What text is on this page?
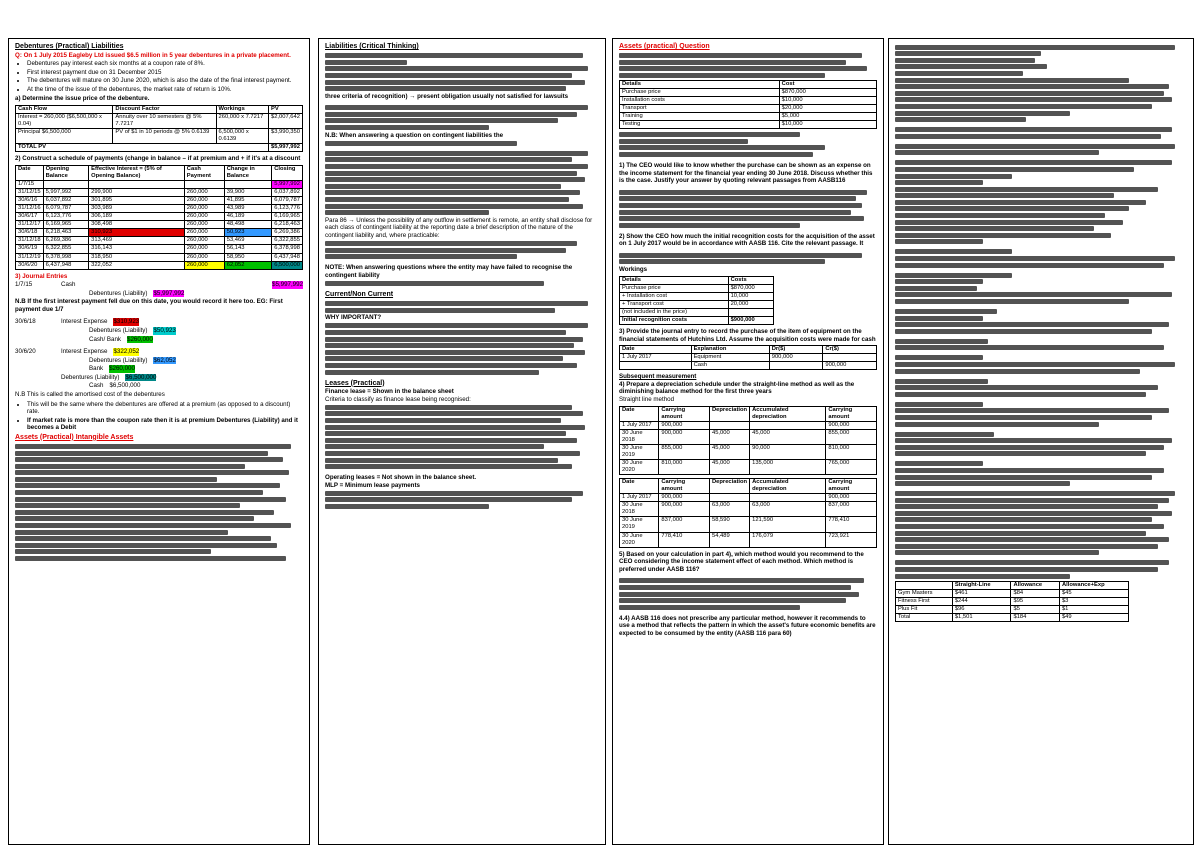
Debentures (Practical) Liabilities
Q: On 1 July 2015 Eagleby Ltd issued $6.5 million in 5 year debentures in a private placement.
• Debentures pay interest each six months at a coupon rate of 8%.
• First interest payment due on 31 December 2015
• The debentures will mature on 30 June 2020, which is also the date of the final interest payment.
• At the time of the issue of the debentures, the market rate of return is 10%.
a) Determine the issue price of the debenture.
Cash Flow	Discount Factor	Workings	PV
Interest = 260,000 ($6,500,000 x 0.04)	Annuity over 10 semesters @ 5% 7.7217	260,000 x 7.7217	$2,007,642
Principal $6,500,000	PV of $1 in 10 periods @ 5% 0.6139	6,500,000 x 0.6139	$3,990,350
TOTAL PV			$5,997,992
2) Construct a schedule of payments (change in balance – if at premium and + if it's at a discount
Date	Opening Balance	Effective Interest = (5% of Opening Balance)	Cash Payment	Change in Balance	Closing
1/7/15					5,997,992
31/12/15	5,997,992	299,900	260,000	39,900	6,037,892
30/6/16	6,037,892	301,895	260,000	41,895	6,079,787
31/12/16	6,079,787	303,989	260,000	43,989	6,123,776
30/6/17	6,123,776	306,189	260,000	46,189	6,169,965
31/12/17	6,169,965	308,498	260,000	48,498	6,218,463
30/6/18	6,218,463	310,923	260,000	50,923	6,269,386
31/12/18	6,269,386	313,469	260,000	53,469	6,322,855
30/6/19	6,322,855	316,143	260,000	56,143	6,378,998
31/12/19	6,378,998	318,950	260,000	58,950	6,437,948
30/6/20	6,437,948	322,052	260,000	62,052	6,500,000
3) Journal Entries
1/7/15	Cash	$5,997,992
Debentures (Liability) $5,997,992
N.B If the first interest payment fell due on this date, you would record it here too. EG: First payment due 1/7
30/6/18	Interest Expense $310,923
Debentures (Liability) $50,923
Cash/ Bank $260,000
30/6/20	Interest Expense $322,052
Debentures (Liability) $62,052
Bank $260,000
Debentures (Liability) $6,500,000
Cash $6,500,000

N.B This is called the amortised cost of the debentures

• This will be the same where the debentures are offered at a premium (as opposed to a discount) rate.
• If market rate is more than the coupon rate then it is at premium Debentures (Liability) and it becomes a Debit
Assets (Practical) Intangible Assets
Liabilities (Critical Thinking)
three criteria of recognition) → present obligation usually not satisfied for lawsuits
N.B: When answering a question on contingent liabilities the
Para 86 → Unless the possibility of any outflow in settlement is remote, an entity shall disclose for each class of contingent liability at the reporting date a brief description of the nature of the contingent liability and, where practicable:
NOTE: When answering questions where the entity may have failed to recognise the contingent liability
Current/Non Current
WHY IMPORTANT?
Leases (Practical)
Finance lease = Shown in the balance sheet
Criteria to classify as finance lease being recognised:
Operating leases = Not shown in the balance sheet.
MLP = Minimum lease payments
Assets (practical) Question
Details	Cost
Purchase price	$870,000
Installation costs	$10,000
Transport	$20,000
Training	$5,000
Testing	$10,000
1) The CEO would like to know whether the purchase can be shown as an expense on the income statement for the financial year ending 30 June 2018. Discuss whether this is the case. Justify your answer by quoting relevant passages from AASB116
2) Show the CEO how much the initial recognition costs for the acquisition of the asset on 1 July 2017 would be in accordance with AASB 116. Cite the relevant passage. It
Workings
Details	Costs
Purchase price	$870,000
+ Installation cost	10,000
+ Transport cost	20,000
(not included in the price)	
Initial recognition costs	$900,000
3) Provide the journal entry to record the purchase of the item of equipment on the financial statements of Hutchins Ltd. Assume the acquisition costs were made for cash
Date	Explanation	Dr($)	Cr($)
1 July 2017	Equipment	900,000	
	Cash		900,000
Subsequent measurement
4) Prepare a depreciation schedule under the straight-line method as well as the diminishing balance method for the first three years
Straight line method
Date	Carrying amount	Depreciation	Accumulated depreciation	Carrying amount
1 July 2017	900,000			900,000
30 June 2018	900,000	45,000	45,000	855,000
30 June 2019	855,000	45,000	90,000	810,000
30 June 2020	810,000	45,000	135,000	765,000
Date	Carrying amount	Depreciation	Accumulated depreciation	Carrying amount
1 July 2017	900,000			900,000
30 June 2018	900,000	63,000	63,000	837,000
30 June 2019	837,000	58,590	121,590	778,410
30 June 2020	778,410	54,489	176,079	723,921
5) Based on your calculation in part 4), which method would you recommend to the CEO considering the income statement effect of each method. Which method is preferred under AASB 116?
4.4) AASB 116 does not prescribe any particular method, however it recommends to use a method that reflects the pattern in which the asset's future economic benefits are expected to be consumed by the entity (AASB 116 para 60)
	Straight-Line	Allowance	Allowance+Exp
Gym Masters	$461	$84	$45
Fitness First	$244	$95	$3
Plus Fit	$96	$5	$1
Total	$1,501	$184	$49
